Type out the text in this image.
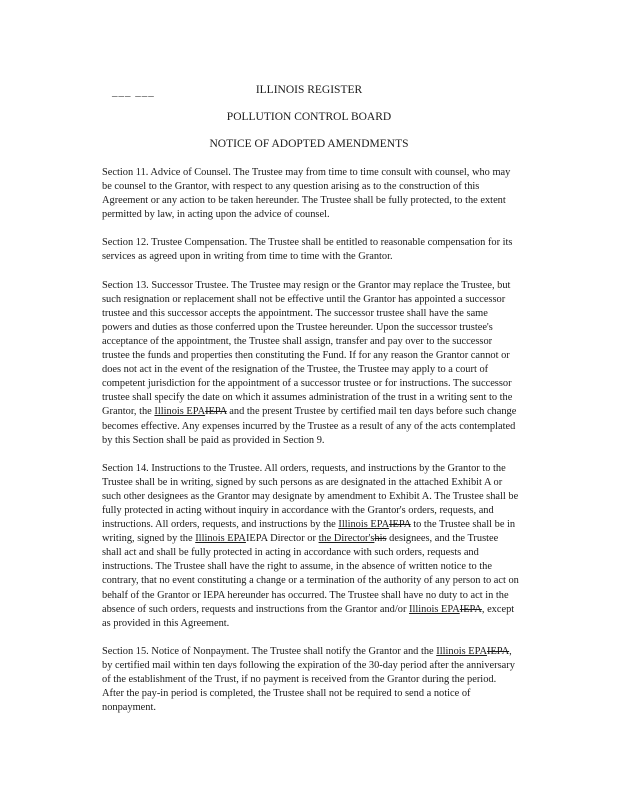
___ ___	ILLINOIS REGISTER
POLLUTION CONTROL BOARD
NOTICE OF ADOPTED AMENDMENTS

Section 11. Advice of Counsel. The Trustee may from time to time consult with counsel, who may be counsel to the Grantor, with respect to any question arising as to the construction of this Agreement or any action to be taken hereunder. The Trustee shall be fully protected, to the extent permitted by law, in acting upon the advice of counsel.

Section 12. Trustee Compensation. The Trustee shall be entitled to reasonable compensation for its services as agreed upon in writing from time to time with the Grantor.

Section 13. Successor Trustee. The Trustee may resign or the Grantor may replace the Trustee, but such resignation or replacement shall not be effective until the Grantor has appointed a successor trustee and this successor accepts the appointment. The successor trustee shall have the same powers and duties as those conferred upon the Trustee hereunder. Upon the successor trustee's acceptance of the appointment, the Trustee shall assign, transfer and pay over to the successor trustee the funds and properties then constituting the Fund. If for any reason the Grantor cannot or does not act in the event of the resignation of the Trustee, the Trustee may apply to a court of competent jurisdiction for the appointment of a successor trustee or for instructions. The successor trustee shall specify the date on which it assumes administration of the trust in a writing sent to the Grantor, the Illinois EPAIEPA and the present Trustee by certified mail ten days before such change becomes effective. Any expenses incurred by the Trustee as a result of any of the acts contemplated by this Section shall be paid as provided in Section 9.

Section 14. Instructions to the Trustee. All orders, requests, and instructions by the Grantor to the Trustee shall be in writing, signed by such persons as are designated in the attached Exhibit A or such other designees as the Grantor may designate by amendment to Exhibit A. The Trustee shall be fully protected in acting without inquiry in accordance with the Grantor's orders, requests, and instructions. All orders, requests, and instructions by the Illinois EPAIEPA to the Trustee shall be in writing, signed by the Illinois EPAIEPA Director or the Director'shis designees, and the Trustee shall act and shall be fully protected in acting in accordance with such orders, requests and instructions. The Trustee shall have the right to assume, in the absence of written notice to the contrary, that no event constituting a change or a termination of the authority of any person to act on behalf of the Grantor or IEPA hereunder has occurred. The Trustee shall have no duty to act in the absence of such orders, requests and instructions from the Grantor and/or Illinois EPAIEPA, except as provided in this Agreement.

Section 15. Notice of Nonpayment. The Trustee shall notify the Grantor and the Illinois EPAIEPA, by certified mail within ten days following the expiration of the 30-day period after the anniversary of the establishment of the Trust, if no payment is received from the Grantor during the period. After the pay-in period is completed, the Trustee shall not be required to send a notice of nonpayment.
